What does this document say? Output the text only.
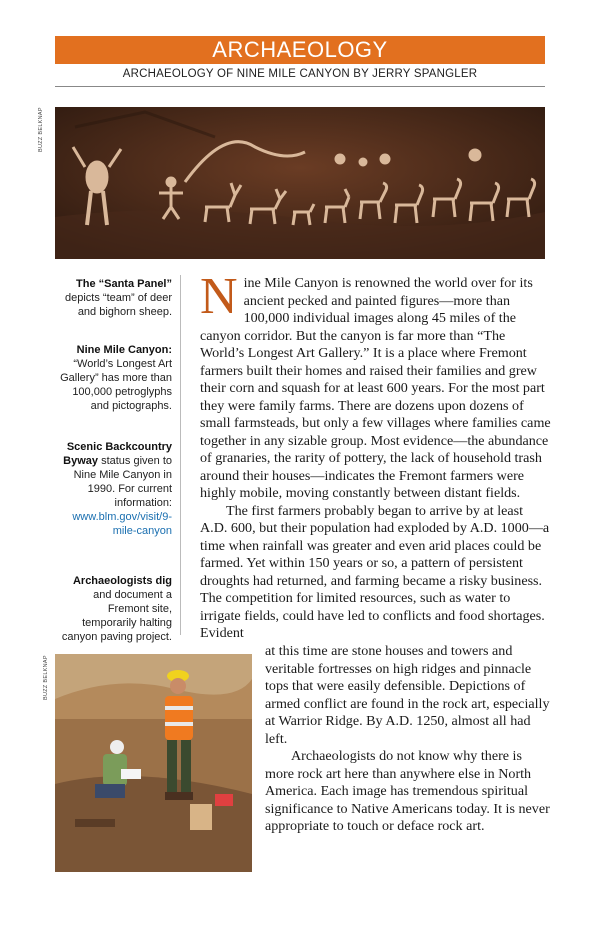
ARCHAEOLOGY
ARCHAEOLOGY OF NINE MILE CANYON BY JERRY SPANGLER
BUZZ BELKNAP
The “Santa Panel” depicts “team” of deer and bighorn sheep.
Nine Mile Canyon: “World’s Longest Art Gallery” has more than 100,000 petroglyphs and pictographs.
Scenic Backcountry Byway status given to Nine Mile Canyon in 1990. For current information: www.blm.gov/visit/9-mile-canyon
Archaeologists dig and document a Fremont site, temporarily halting canyon paving project.

Nine Mile Canyon is renowned the world over for its ancient pecked and painted figures—more than 100,000 individual images along 45 miles of the canyon corridor. But the canyon is far more than “The World’s Longest Art Gallery.” It is a place where Fremont farmers built their homes and raised their families and grew their corn and squash for at least 600 years. For the most part they were family farms. There are dozens upon dozens of small farmsteads, but only a few villages where families came together in any sizable group. Most evidence—the abundance of granaries, the rarity of pottery, the lack of household trash around their houses—indicates the Fremont farmers were highly mobile, moving constantly between distant fields.

The first farmers probably began to arrive by at least A.D. 600, but their population had exploded by A.D. 1000—a time when rainfall was greater and even arid places could be farmed. Yet within 150 years or so, a pattern of persistent droughts had returned, and farming became a risky business. The competition for limited resources, such as water to irrigate fields, could have led to conflicts and food shortages. Evident

at this time are stone houses and towers and veritable fortresses on high ridges and pinnacle tops that were easily defensible. Depictions of armed conflict are found in the rock art, especially at Warrior Ridge. By A.D. 1250, almost all had left.

Archaeologists do not know why there is more rock art here than anywhere else in North America. Each image has tremendous spiritual significance to Native Americans today. It is never appropriate to touch or deface rock art.

BUZZ BELKNAP
